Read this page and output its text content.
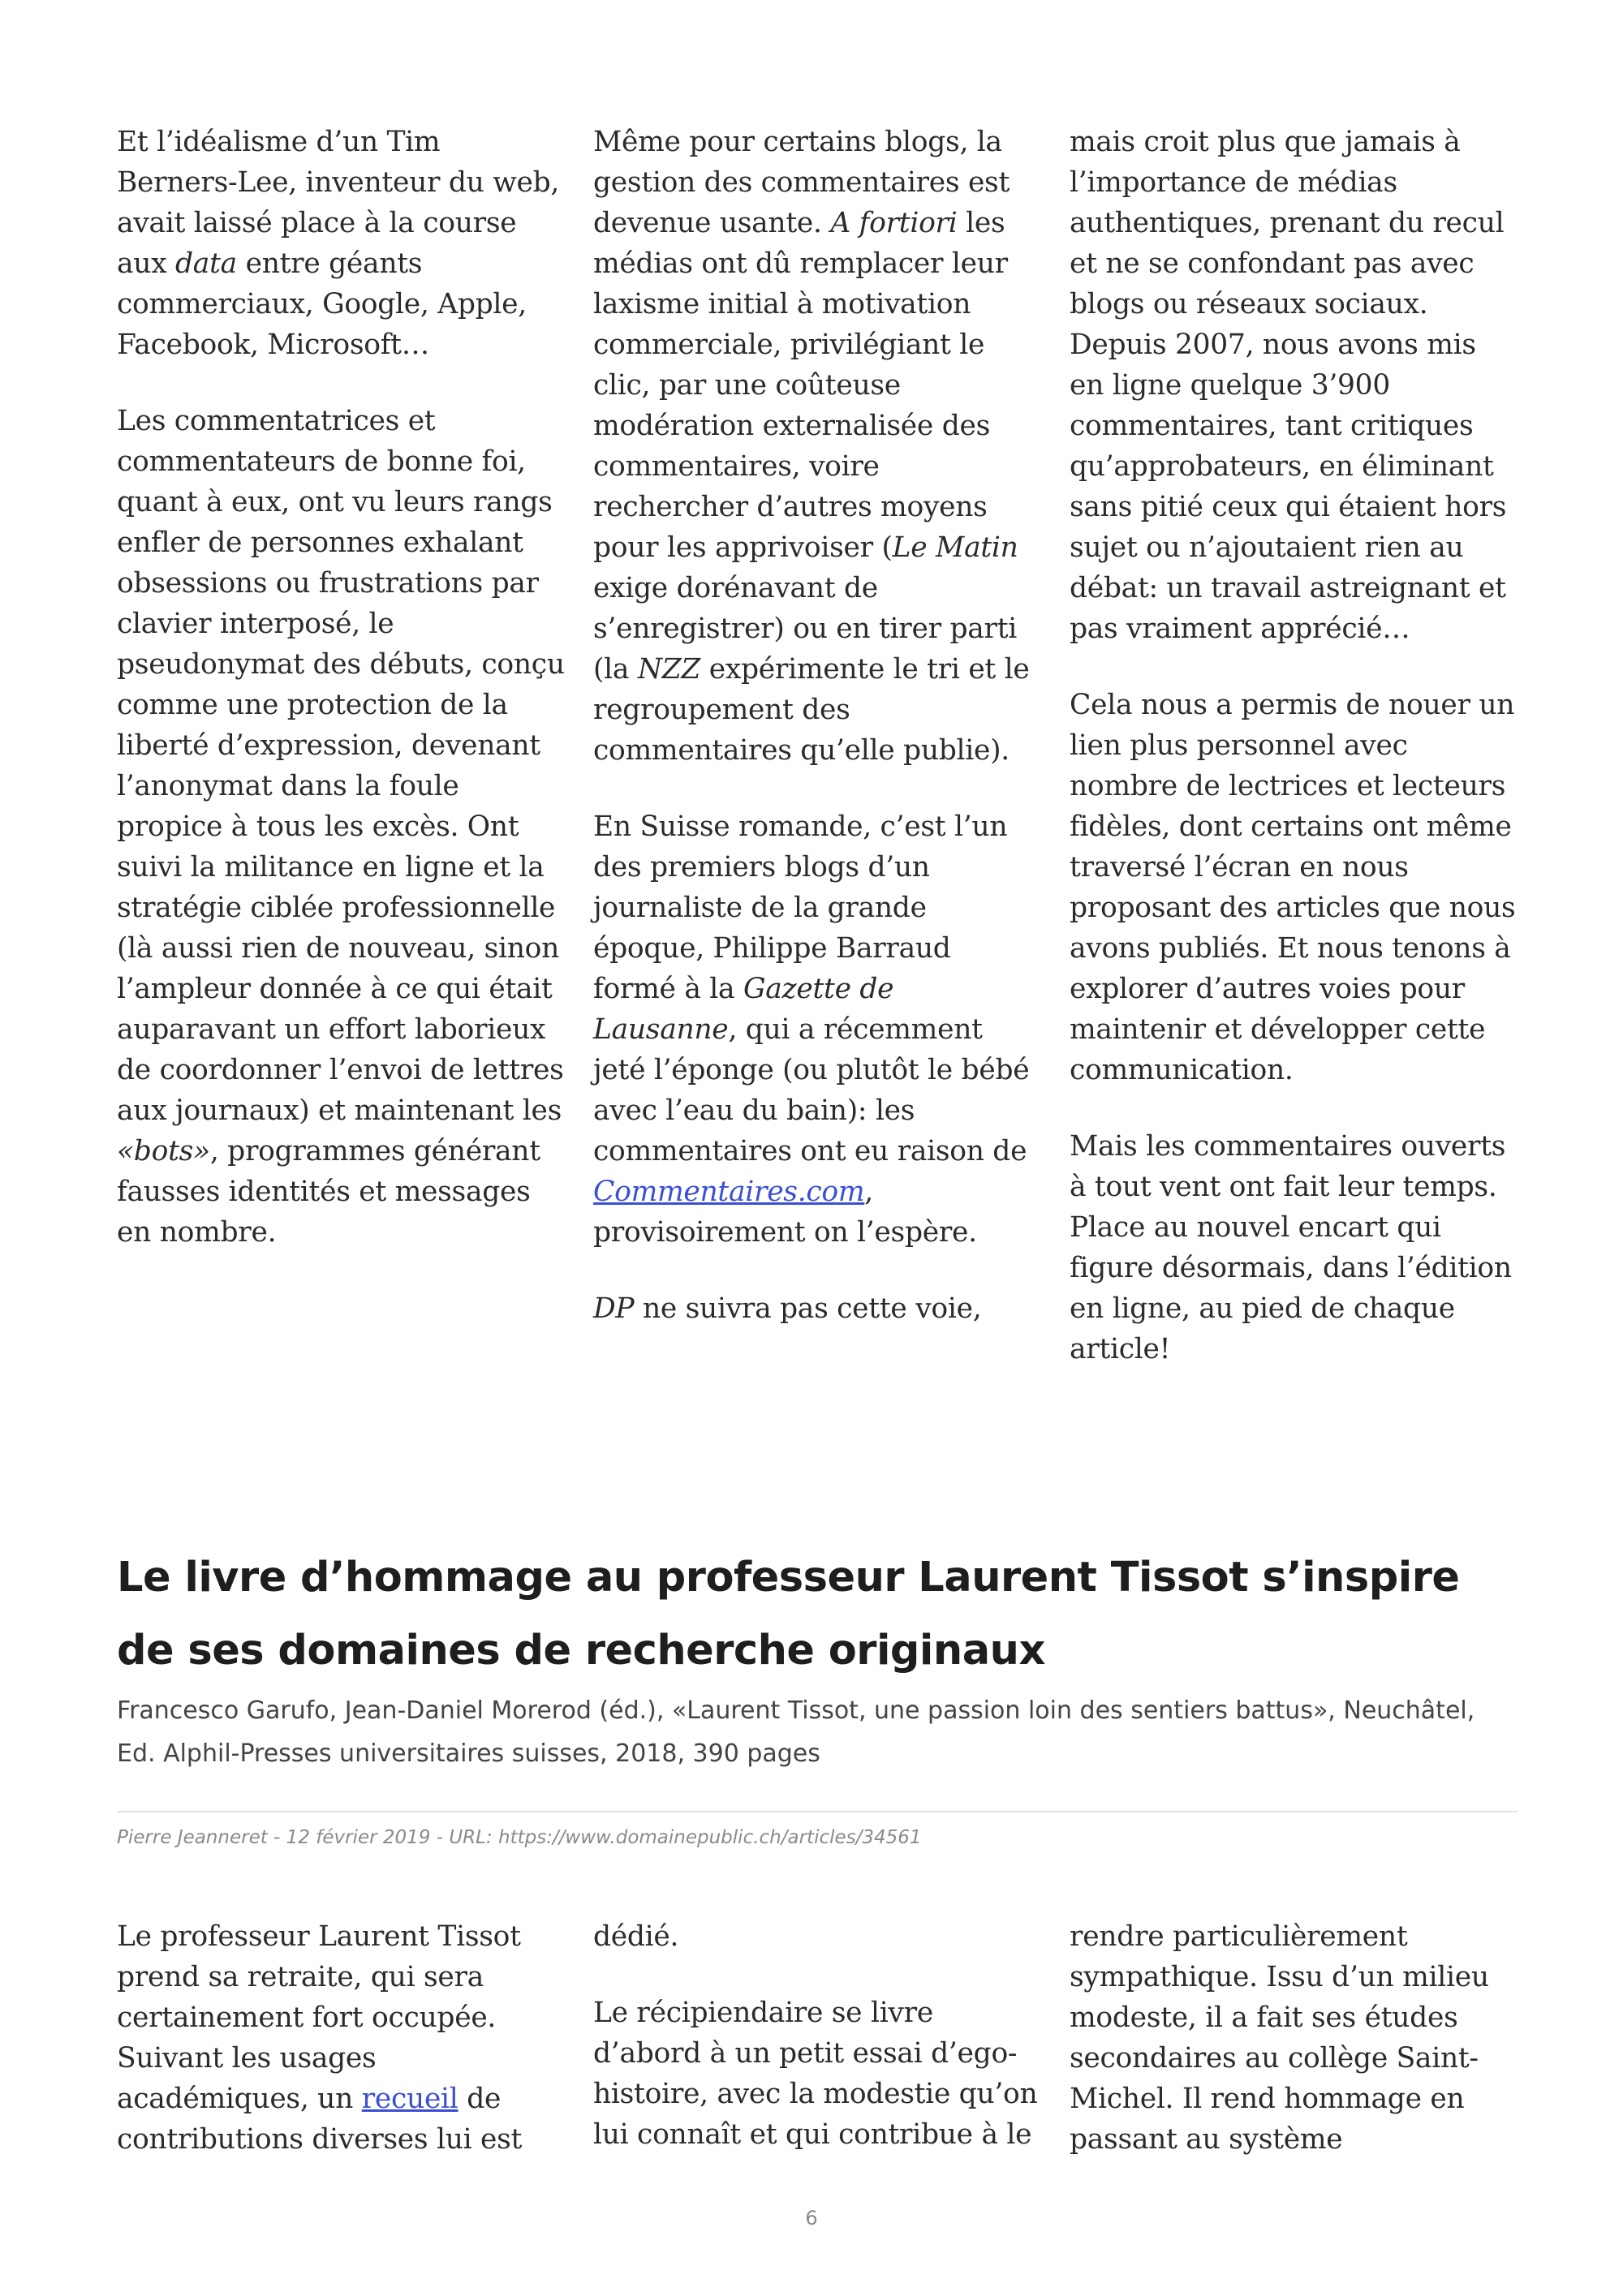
Et l’idéalisme d’un Tim Berners-Lee, inventeur du web, avait laissé place à la course aux data entre géants commerciaux, Google, Apple, Facebook, Microsoft…

Les commentatrices et commentateurs de bonne foi, quant à eux, ont vu leurs rangs enfler de personnes exhalant obsessions ou frustrations par clavier interposé, le pseudonymat des débuts, conçu comme une protection de la liberté d’expression, devenant l’anonymat dans la foule propice à tous les excès. Ont suivi la militance en ligne et la stratégie ciblée professionnelle (là aussi rien de nouveau, sinon l’ampleur donnée à ce qui était auparavant un effort laborieux de coordonner l’envoi de lettres aux journaux) et maintenant les «bots», programmes générant fausses identités et messages en nombre.

Même pour certains blogs, la gestion des commentaires est devenue usante. A fortiori les médias ont dû remplacer leur laxisme initial à motivation commerciale, privilégiant le clic, par une coûteuse modération externalisée des commentaires, voire rechercher d’autres moyens pour les apprivoiser (Le Matin exige dorénavant de s’enregistrer) ou en tirer parti (la NZZ expérimente le tri et le regroupement des commentaires qu’elle publie).

En Suisse romande, c’est l’un des premiers blogs d’un journaliste de la grande époque, Philippe Barraud formé à la Gazette de Lausanne, qui a récemment jeté l’éponge (ou plutôt le bébé avec l’eau du bain): les commentaires ont eu raison de Commentaires.com, provisoirement on l’espère.

DP ne suivra pas cette voie,

mais croit plus que jamais à l’importance de médias authentiques, prenant du recul et ne se confondant pas avec blogs ou réseaux sociaux. Depuis 2007, nous avons mis en ligne quelque 3’900 commentaires, tant critiques qu’approbateurs, en éliminant sans pitié ceux qui étaient hors sujet ou n’ajoutaient rien au débat: un travail astreignant et pas vraiment apprécié…

Cela nous a permis de nouer un lien plus personnel avec nombre de lectrices et lecteurs fidèles, dont certains ont même traversé l’écran en nous proposant des articles que nous avons publiés. Et nous tenons à explorer d’autres voies pour maintenir et développer cette communication.

Mais les commentaires ouverts à tout vent ont fait leur temps. Place au nouvel encart qui figure désormais, dans l’édition en ligne, au pied de chaque article!

Le livre d’hommage au professeur Laurent Tissot s’inspire de ses domaines de recherche originaux

Francesco Garufo, Jean-Daniel Morerod (éd.), «Laurent Tissot, une passion loin des sentiers battus», Neuchâtel, Ed. Alphil-Presses universitaires suisses, 2018, 390 pages

Pierre Jeanneret - 12 février 2019 - URL: https://www.domainepublic.ch/articles/34561

Le professeur Laurent Tissot prend sa retraite, qui sera certainement fort occupée. Suivant les usages académiques, un recueil de contributions diverses lui est

dédié.

Le récipiendaire se livre d’abord à un petit essai d’ego-histoire, avec la modestie qu’on lui connaît et qui contribue à le

rendre particulièrement sympathique. Issu d’un milieu modeste, il a fait ses études secondaires au collège Saint-Michel. Il rend hommage en passant au système

6
